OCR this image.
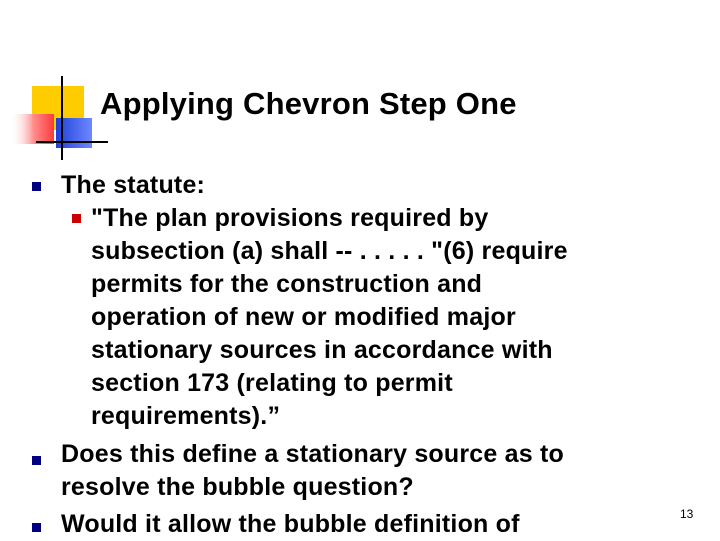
Applying Chevron Step One
The statute:
"The plan provisions required by
subsection (a) shall -- . . . . . "(6) require
permits for the construction and
operation of new or modified major
stationary sources in accordance with
section 173 (relating to permit
requirements).”
Does this define a stationary source as to
resolve the bubble question?
Would it allow the bubble definition of	13
